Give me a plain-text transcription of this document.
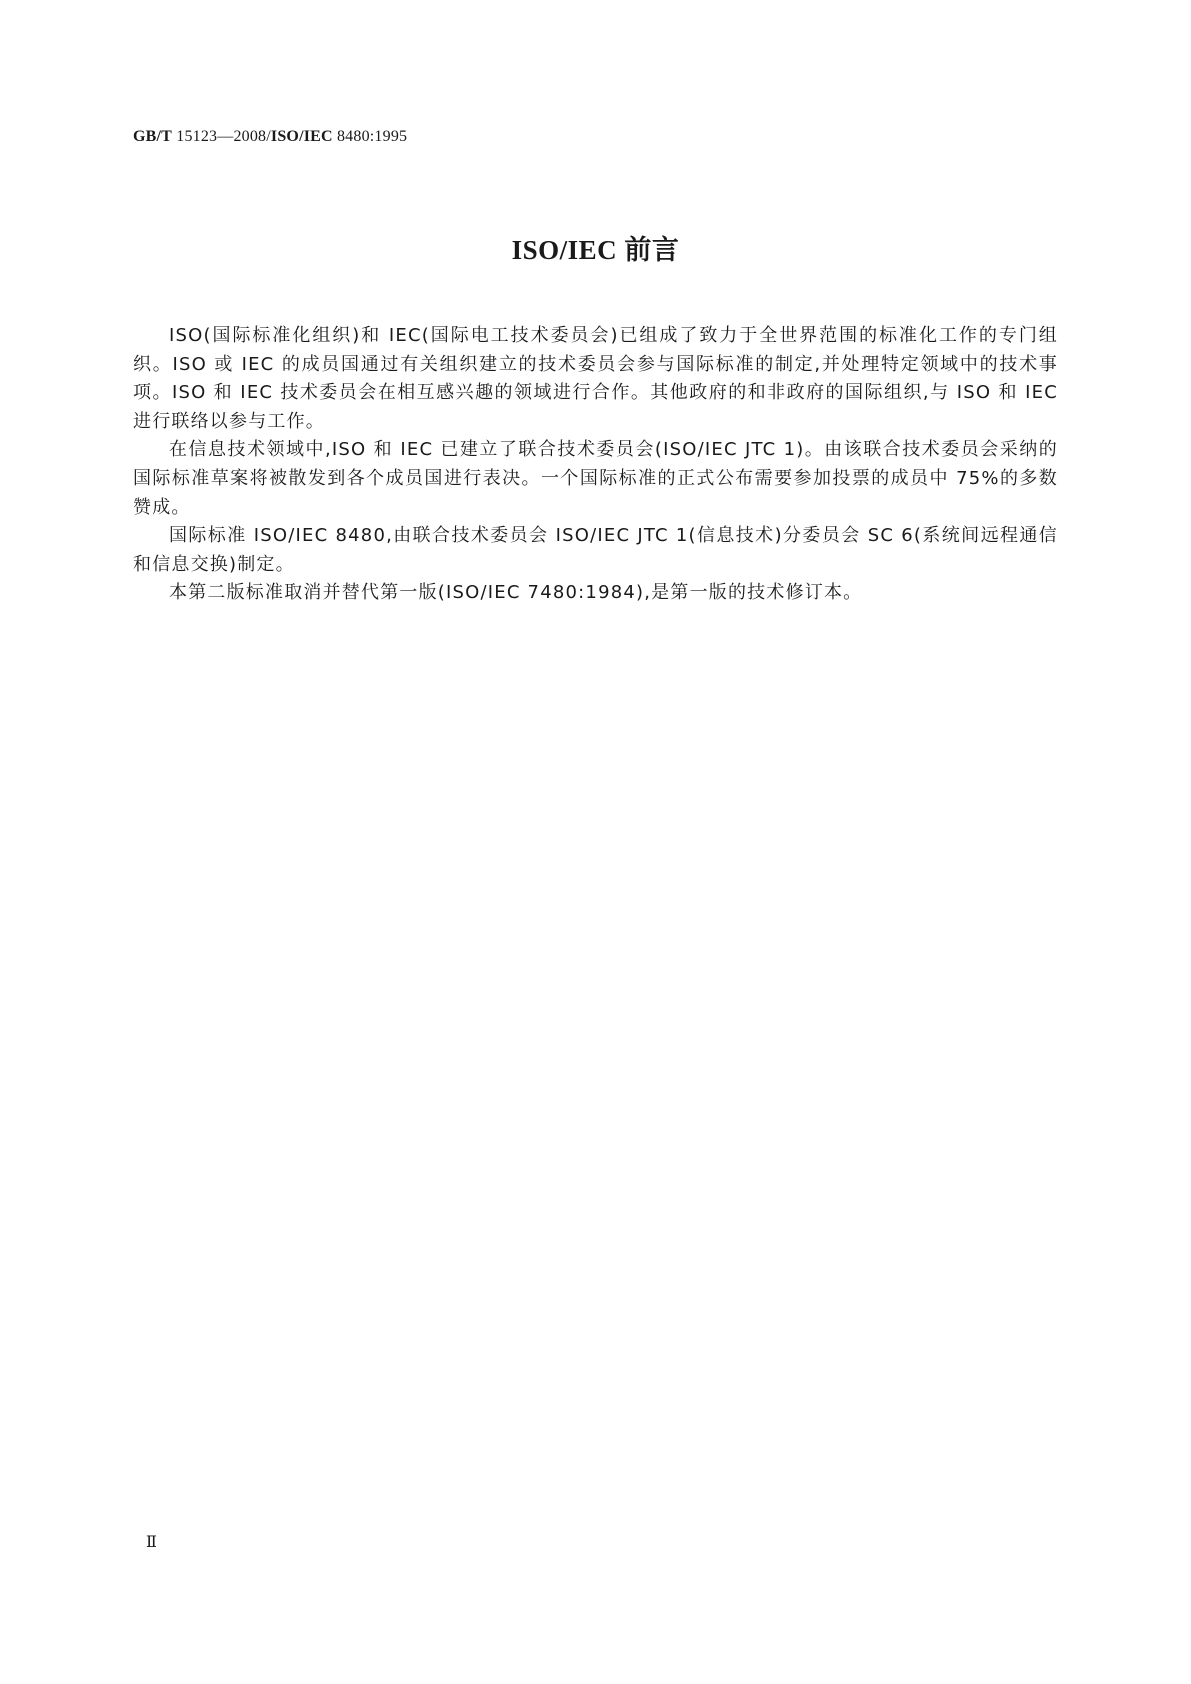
GB/T 15123—2008/ISO/IEC 8480:1995
ISO/IEC 前言

ISO(国际标准化组织)和 IEC(国际电工技术委员会)已组成了致力于全世界范围的标准化工作的专门组织。ISO 或 IEC 的成员国通过有关组织建立的技术委员会参与国际标准的制定,并处理特定领域中的技术事项。ISO 和 IEC 技术委员会在相互感兴趣的领域进行合作。其他政府的和非政府的国际组织,与 ISO 和 IEC 进行联络以参与工作。

在信息技术领域中,ISO 和 IEC 已建立了联合技术委员会(ISO/IEC JTC 1)。由该联合技术委员会采纳的国际标准草案将被散发到各个成员国进行表决。一个国际标准的正式公布需要参加投票的成员中 75%的多数赞成。

国际标准 ISO/IEC 8480,由联合技术委员会 ISO/IEC JTC 1(信息技术)分委员会 SC 6(系统间远程通信和信息交换)制定。

本第二版标准取消并替代第一版(ISO/IEC 7480:1984),是第一版的技术修订本。

Ⅱ
